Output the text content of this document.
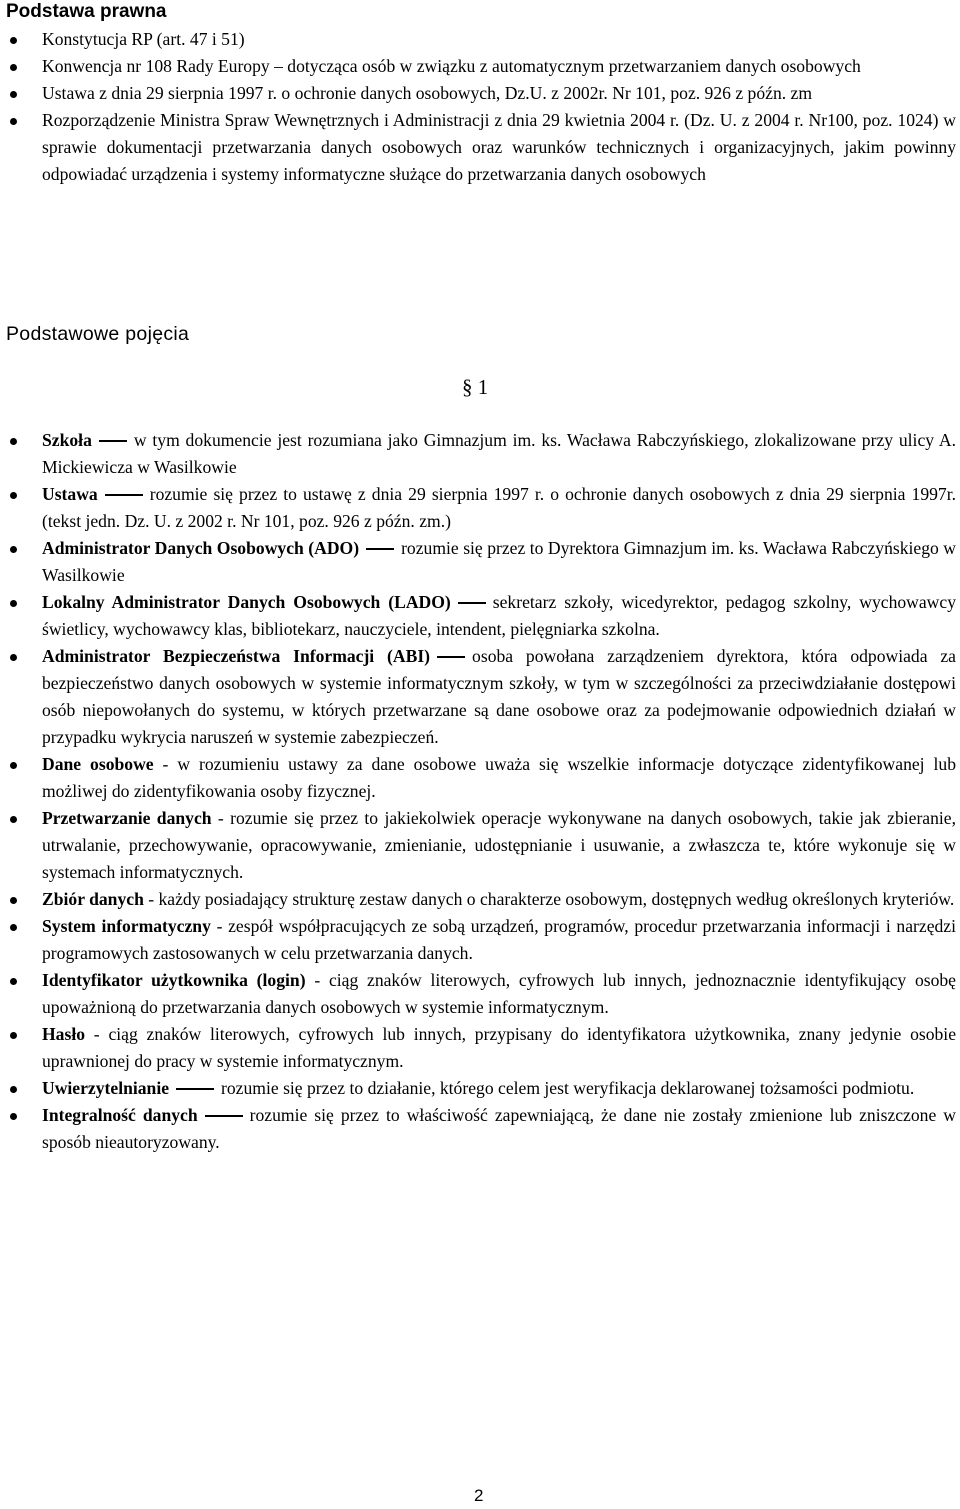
Podstawa prawna
Konstytucja RP (art. 47 i 51)
Konwencja nr 108 Rady Europy – dotycząca osób w związku z automatycznym przetwarzaniem danych osobowych
Ustawa z dnia 29 sierpnia 1997 r. o ochronie danych osobowych, Dz.U. z 2002r. Nr 101, poz. 926 z późn. zm
Rozporządzenie Ministra Spraw Wewnętrznych i Administracji z dnia 29 kwietnia 2004 r. (Dz. U. z 2004 r. Nr100, poz. 1024) w sprawie dokumentacji przetwarzania danych osobowych oraz warunków technicznych i organizacyjnych, jakim powinny odpowiadać urządzenia i systemy informatyczne służące do przetwarzania danych osobowych
Podstawowe pojęcia
§ 1
Szkoła w tym dokumencie jest rozumiana jako Gimnazjum im. ks. Wacława Rabczyńskiego, zlokalizowane przy ulicy A. Mickiewicza w Wasilkowie
Ustawa	rozumie się przez to ustawę z dnia 29 sierpnia 1997 r. o ochronie danych osobowych z dnia 29 sierpnia 1997r. (tekst jedn. Dz. U. z 2002 r. Nr 101, poz. 926 z późn. zm.)
Administrator Danych Osobowych (ADO) rozumie się przez to Dyrektora Gimnazjum im. ks. Wacława Rabczyńskiego w Wasilkowie
Lokalny Administrator Danych Osobowych (LADO) sekretarz szkoły, wicedyrektor, pedagog szkolny, wychowawcy świetlicy, wychowawcy klas, bibliotekarz, nauczyciele, intendent, pielęgniarka szkolna.
Administrator Bezpieczeństwa Informacji (ABI) osoba powołana zarządzeniem dyrektora, która odpowiada za bezpieczeństwo danych osobowych w systemie informatycznym szkoły, w tym w szczególności za przeciwdziałanie dostępowi osób niepowołanych do systemu, w których przetwarzane są dane osobowe oraz za podejmowanie odpowiednich działań w przypadku wykrycia naruszeń w systemie zabezpieczeń.
Dane osobowe - w rozumieniu ustawy za dane osobowe uważa się wszelkie informacje dotyczące zidentyfikowanej lub możliwej do zidentyfikowania osoby fizycznej.
Przetwarzanie danych - rozumie się przez to jakiekolwiek operacje wykonywane na danych osobowych, takie jak zbieranie, utrwalanie, przechowywanie, opracowywanie, zmienianie, udostępnianie i usuwanie, a zwłaszcza te, które wykonuje się w systemach informatycznych.
Zbiór danych - każdy posiadający strukturę zestaw danych o charakterze osobowym, dostępnych według określonych kryteriów.
System informatyczny - zespół współpracujących ze sobą urządzeń, programów, procedur przetwarzania informacji i narzędzi programowych zastosowanych w celu przetwarzania danych.
Identyfikator użytkownika (login) - ciąg znaków literowych, cyfrowych lub innych, jednoznacznie identyfikujący osobę upoważnioną do przetwarzania danych osobowych w systemie informatycznym.
Hasło - ciąg znaków literowych, cyfrowych lub innych, przypisany do identyfikatora użytkownika, znany jedynie osobie uprawnionej do pracy w systemie informatycznym.
Uwierzytelnianie	rozumie się przez to działanie, którego celem jest weryfikacja deklarowanej tożsamości podmiotu.
Integralność danych	rozumie się przez to właściwość zapewniającą, że dane nie zostały zmienione lub zniszczone w sposób nieautoryzowany.
2
